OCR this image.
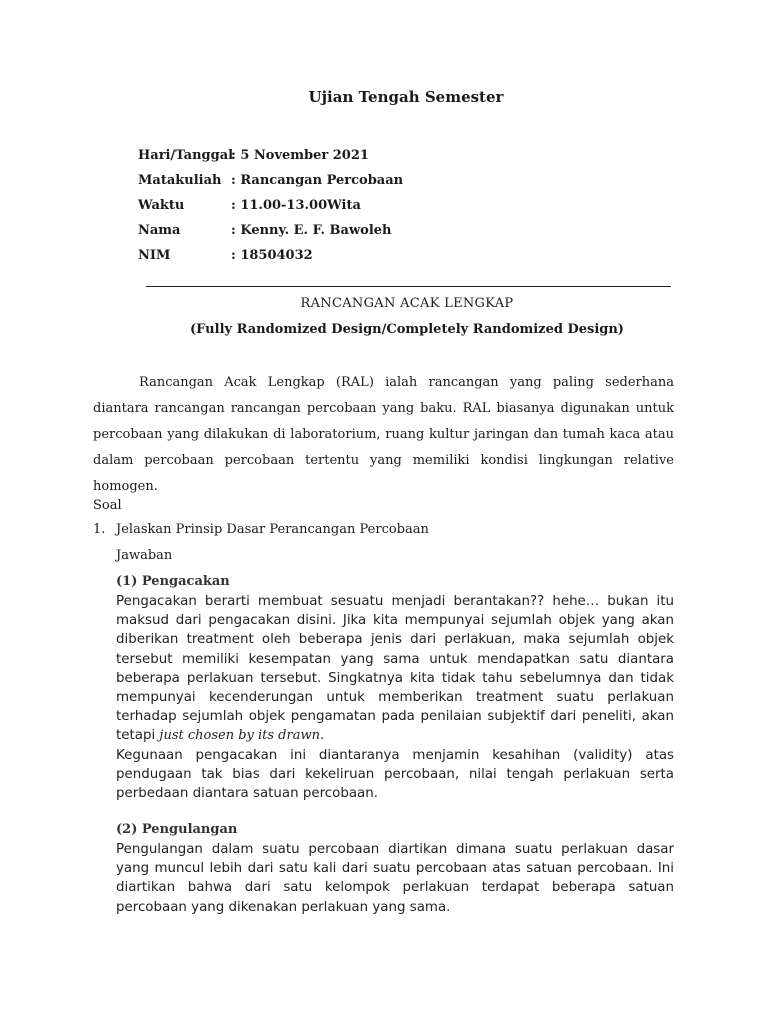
Ujian Tengah Semester
Hari/Tanggal: 5 November 2021
Matakuliah : Rancangan Percobaan
Waktu	: 11.00-13.00Wita
Nama	: Kenny. E. F. Bawoleh
NIM	: 18504032
RANCANGAN ACAK LENGKAP
(Fully Randomized Design/Completely Randomized Design)
Rancangan Acak Lengkap (RAL) ialah rancangan yang paling sederhana diantara rancangan rancangan percobaan yang baku. RAL biasanya digunakan untuk percobaan yang dilakukan di laboratorium, ruang kultur jaringan dan tumah kaca atau dalam percobaan percobaan tertentu yang memiliki kondisi lingkungan relative homogen.
Soal
1. Jelaskan Prinsip Dasar Perancangan Percobaan
Jawaban
(1) Pengacakan

Pengacakan berarti membuat sesuatu menjadi berantakan?? hehe… bukan itu maksud dari pengacakan disini. Jika kita mempunyai sejumlah objek yang akan diberikan treatment oleh beberapa jenis dari perlakuan, maka sejumlah objek tersebut memiliki kesempatan yang sama untuk mendapatkan satu diantara beberapa perlakuan tersebut. Singkatnya kita tidak tahu sebelumnya dan tidak mempunyai kecenderungan untuk memberikan treatment suatu perlakuan terhadap sejumlah objek pengamatan pada penilaian subjektif dari peneliti, akan tetapi just chosen by its drawn.

Kegunaan pengacakan ini diantaranya menjamin kesahihan (validity) atas pendugaan tak bias dari kekeliruan percobaan, nilai tengah perlakuan serta perbedaan diantara satuan percobaan.

(2) Pengulangan

Pengulangan dalam suatu percobaan diartikan dimana suatu perlakuan dasar yang muncul lebih dari satu kali dari suatu percobaan atas satuan percobaan. Ini diartikan bahwa dari satu kelompok perlakuan terdapat beberapa satuan percobaan yang dikenakan perlakuan yang sama.
